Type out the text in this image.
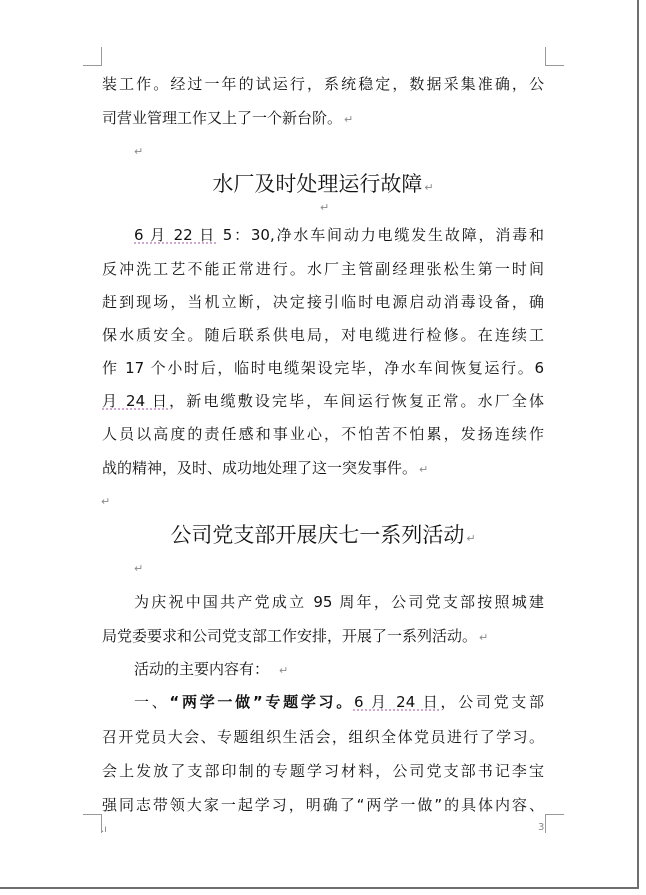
装工作。经过一年的试运行，系统稳定，数据采集准确，公
司营业管理工作又上了一个新台阶。 ↵
↵
水厂及时处理运行故障 ↵
↵
6 月 22 日 5：30,净水车间动力电缆发生故障，消毒和
反冲洗工艺不能正常进行。水厂主管副经理张松生第一时间
赶到现场，当机立断，决定接引临时电源启动消毒设备，确
保水质安全。随后联系供电局，对电缆进行检修。在连续工
作 17 个小时后，临时电缆架设完毕，净水车间恢复运行。6
月 24 日，新电缆敷设完毕，车间运行恢复正常。水厂全体
人员以高度的责任感和事业心，不怕苦不怕累，发扬连续作
战的精神，及时、成功地处理了这一突发事件。 ↵
↵
公司党支部开展庆七一系列活动 ↵
↵
为庆祝中国共产党成立 95 周年，公司党支部按照城建
局党委要求和公司党支部工作安排，开展了一系列活动。 ↵
活动的主要内容有： ↵
一、“两学一做”专题学习。6 月 24 日，公司党支部
召开党员大会、专题组织生活会，组织全体党员进行了学习。
会上发放了支部印制的专题学习材料，公司党支部书记李宝
强同志带领大家一起学习，明确了“两学一做”的具体内容、
.ı	3
